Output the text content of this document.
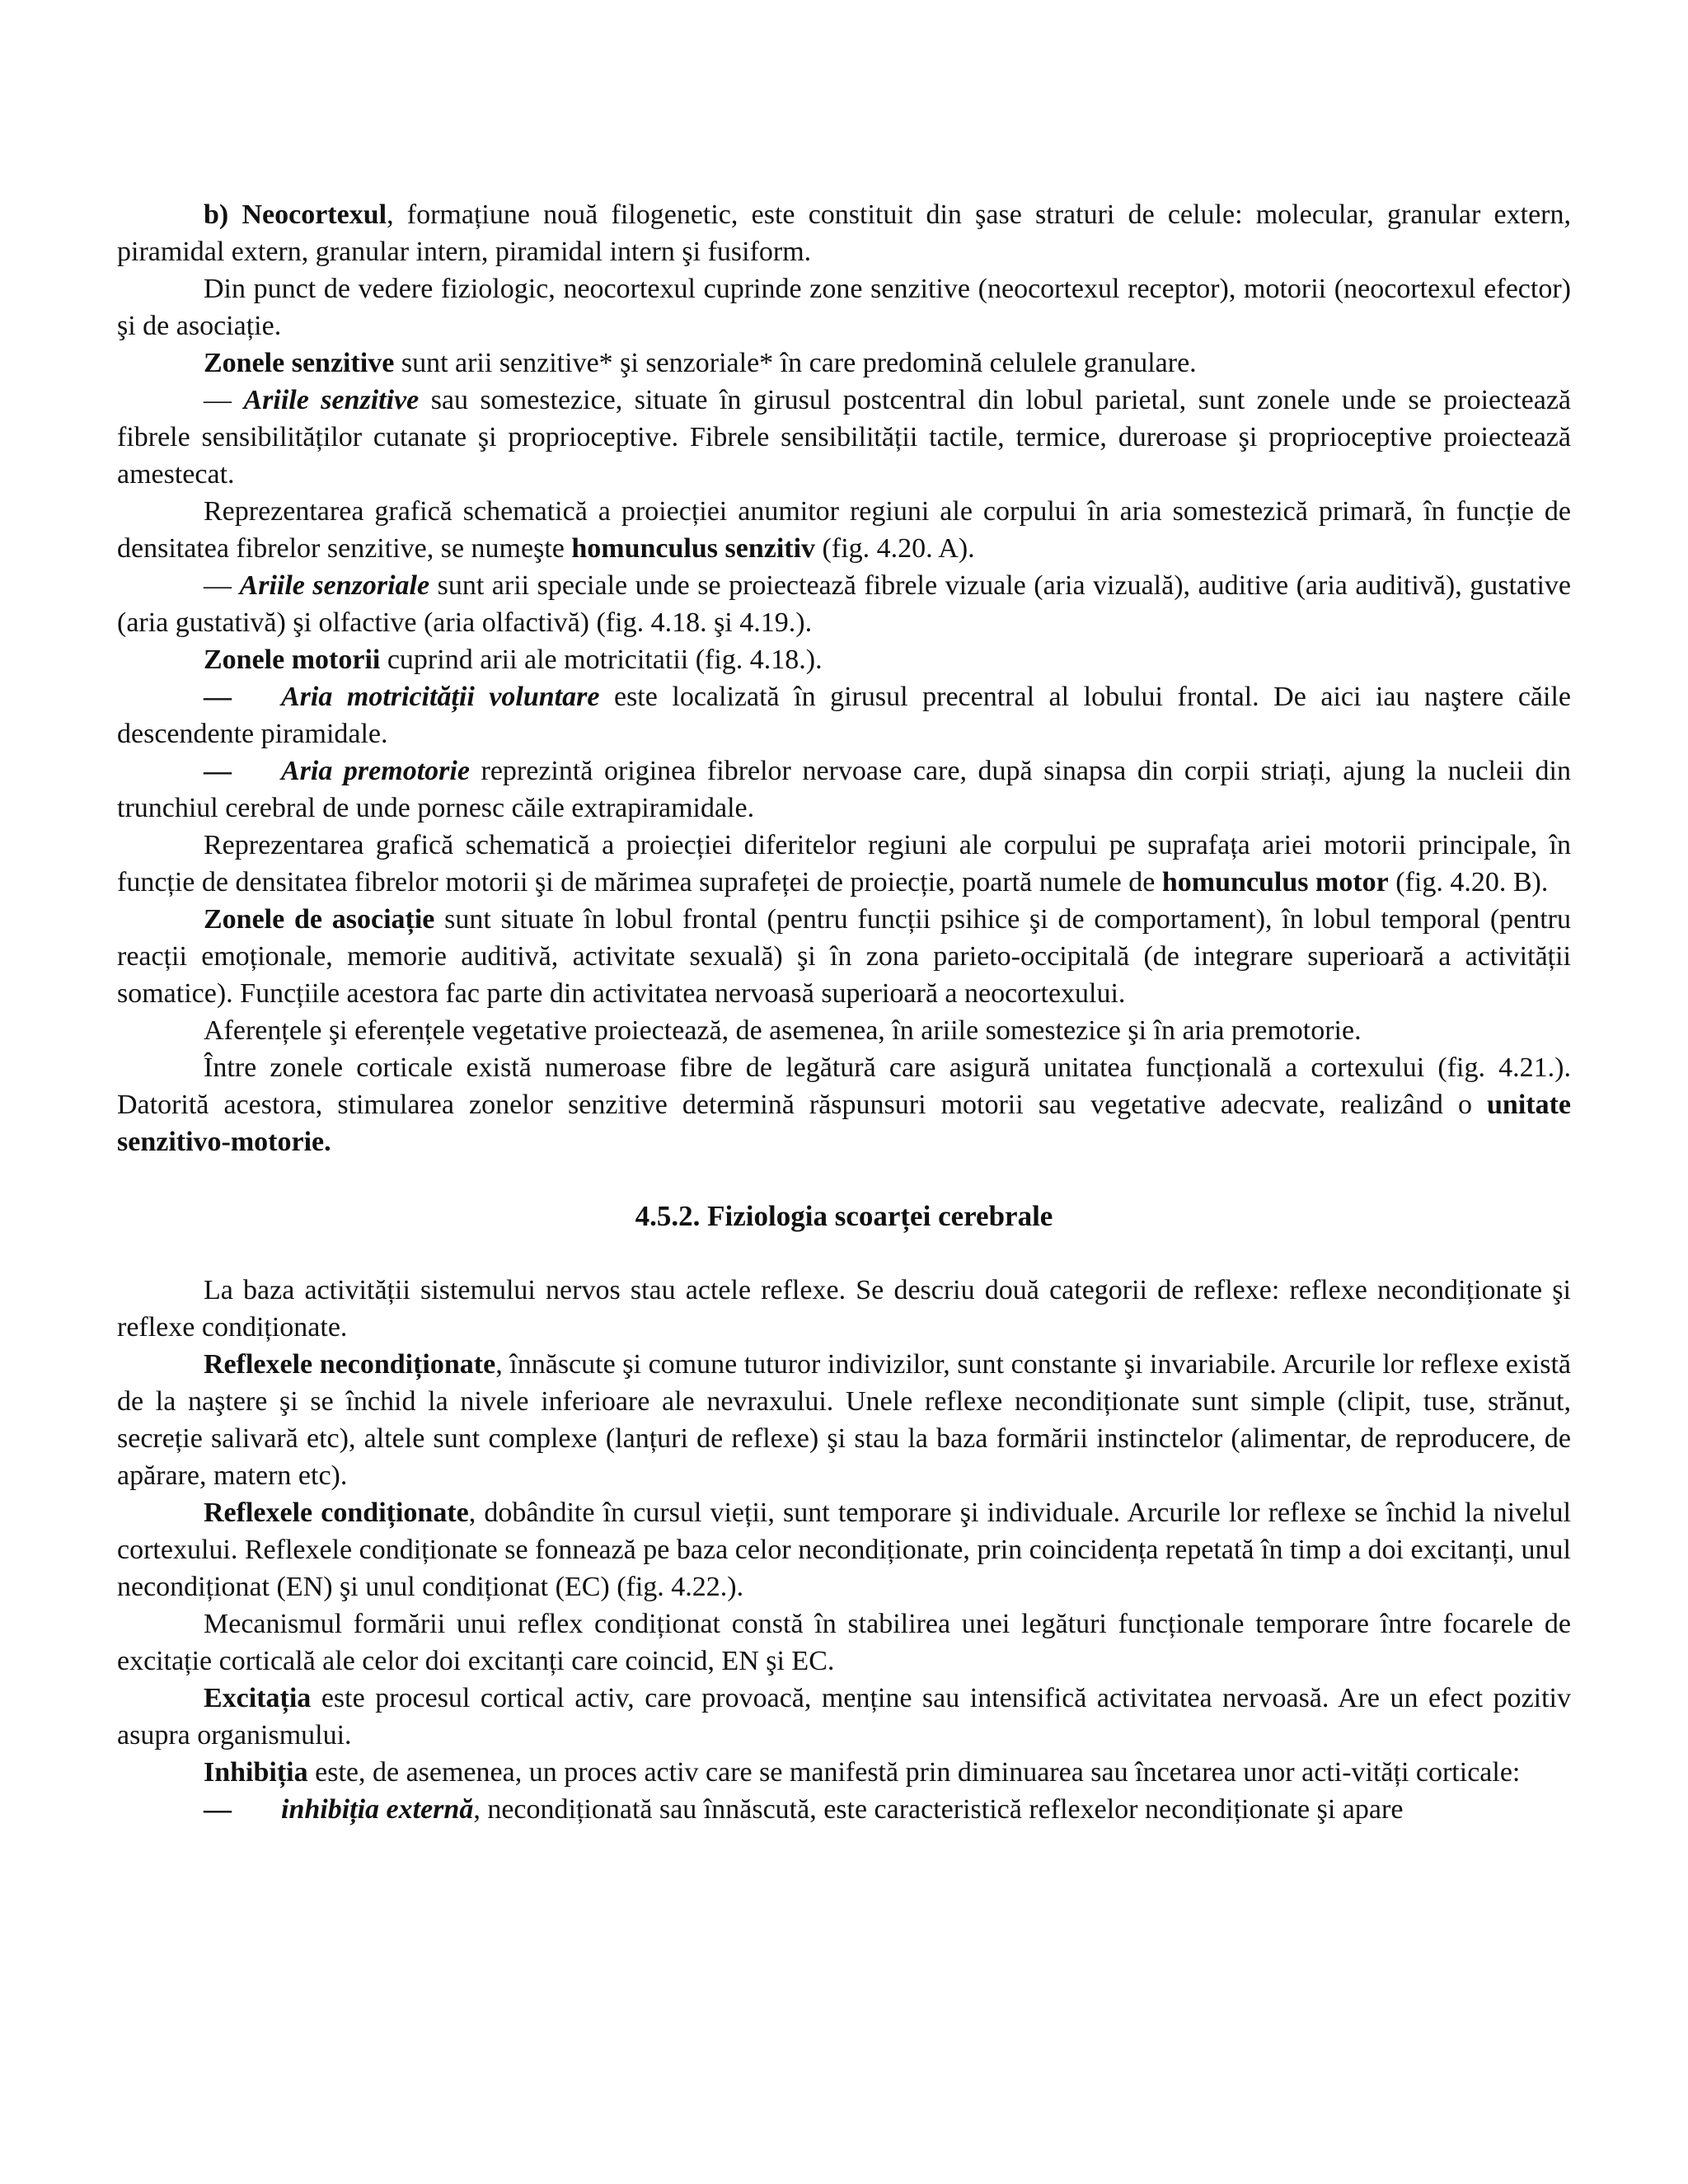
b) Neocortexul, formațiune nouă filogenetic, este constituit din şase straturi de celule: molecular, granular extern, piramidal extern, granular intern, piramidal intern şi fusiform.

Din punct de vedere fiziologic, neocortexul cuprinde zone senzitive (neocortexul receptor), motorii (neocortexul efector) şi de asociație.

Zonele senzitive sunt arii senzitive* şi senzoriale* în care predomină celulele granulare.

— Ariile senzitive sau somestezice, situate în girusul postcentral din lobul parietal, sunt zonele unde se proiectează fibrele sensibilităților cutanate şi proprioceptive. Fibrele sensibilității tactile, termice, dureroase şi proprioceptive proiectează amestecat.

Reprezentarea grafică schematică a proiecției anumitor regiuni ale corpului în aria somestezică primară, în funcție de densitatea fibrelor senzitive, se numeşte homunculus senzitiv (fig. 4.20. A).

— Ariile senzoriale sunt arii speciale unde se proiectează fibrele vizuale (aria vizuală), auditive (aria auditivă), gustative (aria gustativă) şi olfactive (aria olfactivă) (fig. 4.18. şi 4.19.).

Zonele motorii cuprind arii ale motricitatii (fig. 4.18.).

— Aria motricității voluntare este localizată în girusul precentral al lobului frontal. De aici iau naştere căile descendente piramidale.

— Aria premotorie reprezintă originea fibrelor nervoase care, după sinapsa din corpii striați, ajung la nucleii din trunchiul cerebral de unde pornesc căile extrapiramidale.

Reprezentarea grafică schematică a proiecției diferitelor regiuni ale corpului pe suprafața ariei motorii principale, în funcție de densitatea fibrelor motorii şi de mărimea suprafeței de proiecție, poartă numele de homunculus motor (fig. 4.20. B).

Zonele de asociație sunt situate în lobul frontal (pentru funcții psihice şi de comportament), în lobul temporal (pentru reacții emoționale, memorie auditivă, activitate sexuală) şi în zona parieto-occipitală (de integrare superioară a activității somatice). Funcțiile acestora fac parte din activitatea nervoasă superioară a neocortexului.

Aferențele şi eferențele vegetative proiectează, de asemenea, în ariile somestezice şi în aria premotorie.

Între zonele corticale există numeroase fibre de legătură care asigură unitatea funcțională a cortexului (fig. 4.21.). Datorită acestora, stimularea zonelor senzitive determină răspunsuri motorii sau vegetative adecvate, realizând o unitate senzitivo-motorie.

4.5.2. Fiziologia scoarței cerebrale

La baza activității sistemului nervos stau actele reflexe. Se descriu două categorii de reflexe: reflexe necondiționate şi reflexe condiționate.

Reflexele necondiționate, înnăscute şi comune tuturor indivizilor, sunt constante şi invariabile. Arcurile lor reflexe există de la naştere şi se închid la nivele inferioare ale nevraxului. Unele reflexe necondiționate sunt simple (clipit, tuse, strănut, secreție salivară etc), altele sunt complexe (lanțuri de reflexe) şi stau la baza formării instinctelor (alimentar, de reproducere, de apărare, matern etc).

Reflexele condiționate, dobândite în cursul vieții, sunt temporare şi individuale. Arcurile lor reflexe se închid la nivelul cortexului. Reflexele condiționate se fonnează pe baza celor necondiționate, prin coincidența repetată în timp a doi excitanți, unul necondiționat (EN) şi unul condiționat (EC) (fig. 4.22.).

Mecanismul formării unui reflex condiționat constă în stabilirea unei legături funcționale temporare între focarele de excitație corticală ale celor doi excitanți care coincid, EN şi EC.

Excitația este procesul cortical activ, care provoacă, menține sau intensifică activitatea nervoasă. Are un efect pozitiv asupra organismului.

Inhibiția este, de asemenea, un proces activ care se manifestă prin diminuarea sau încetarea unor acti-vități corticale:

— inhibiția externă, necondiționată sau înnăscută, este caracteristică reflexelor necondiționate şi apare
